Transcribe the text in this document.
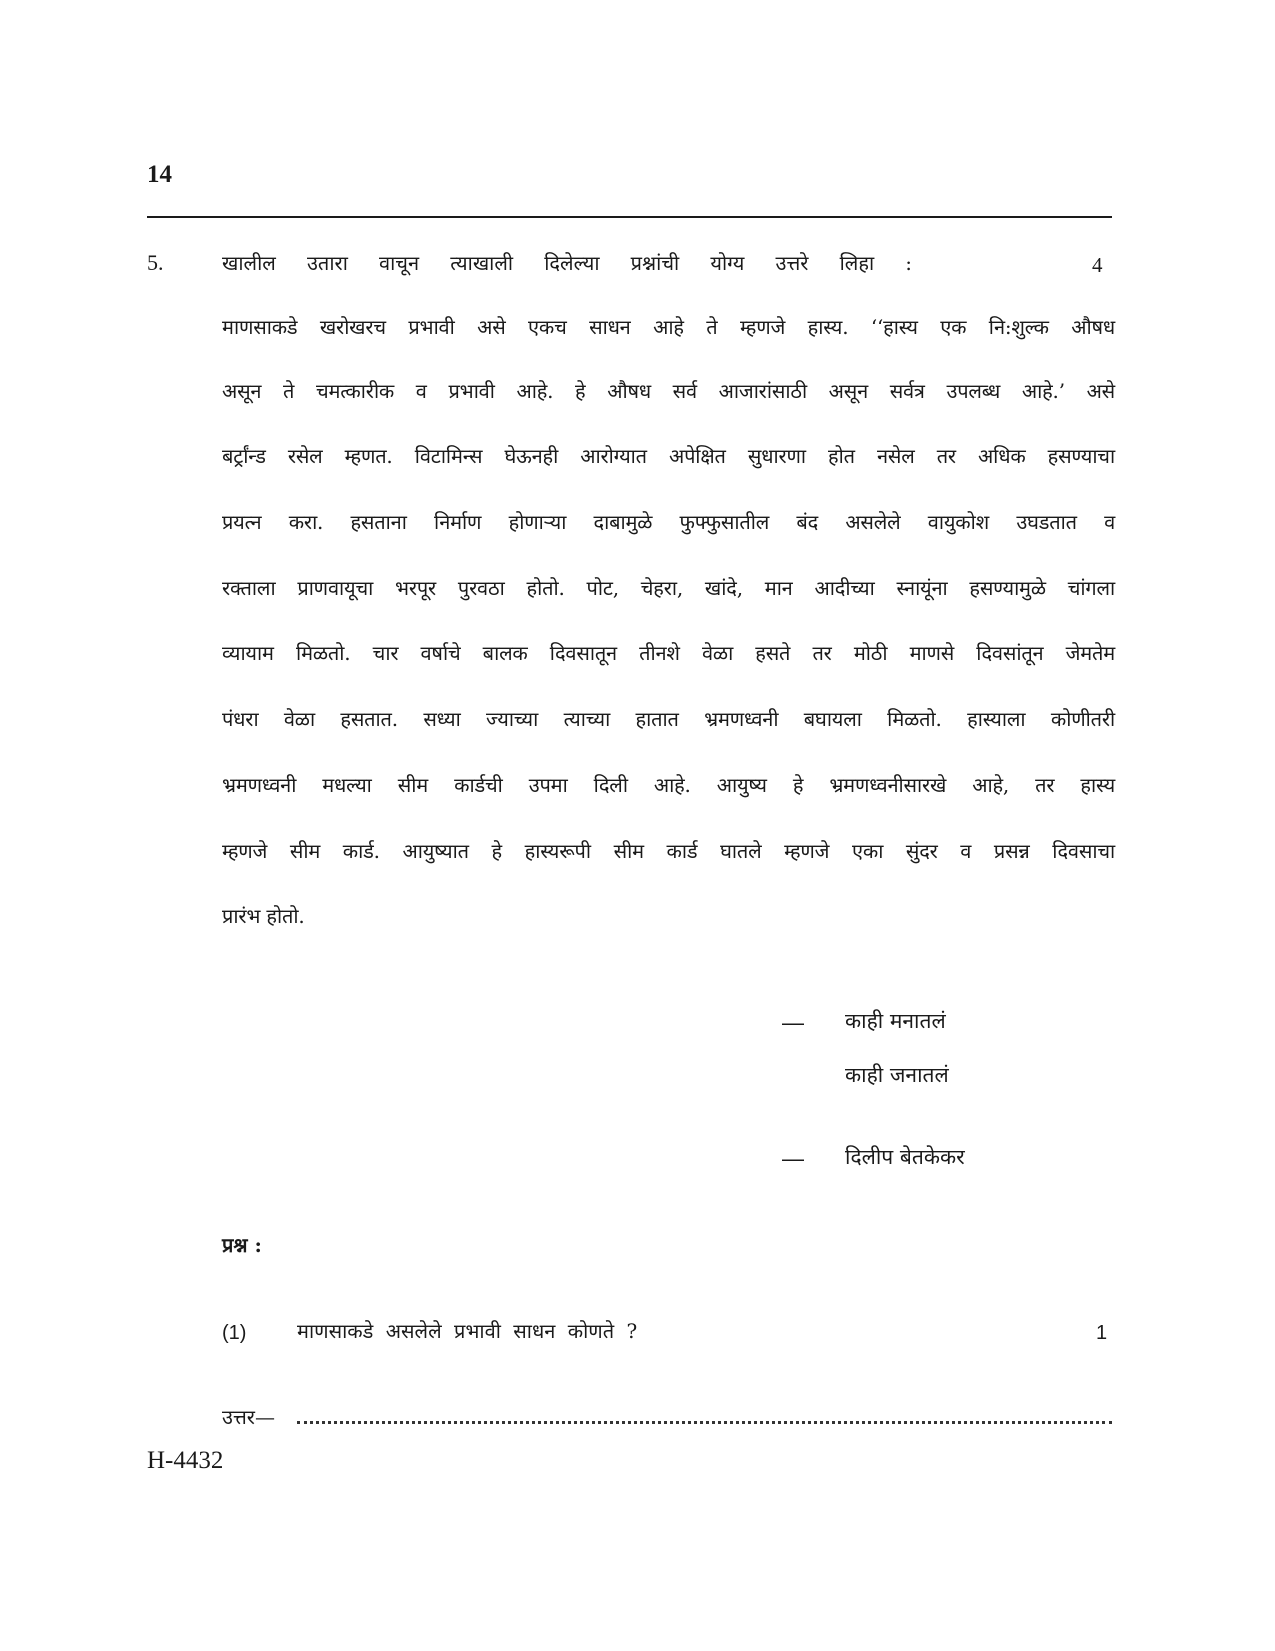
14
5.	खालील उतारा वाचून त्याखाली दिलेल्या प्रश्नांची योग्य उत्तरे लिहा :	4
माणसाकडे खरोखरच प्रभावी असे एकच साधन आहे ते म्हणजे हास्य. ‘‘हास्य एक नि:शुल्क औषध
असून ते चमत्कारीक व प्रभावी आहे. हे औषध सर्व आजारांसाठी असून सर्वत्र उपलब्ध आहे.’ असे
बर्ट्रांन्ड रसेल म्हणत. विटामिन्स घेऊनही आरोग्यात अपेक्षित सुधारणा होत नसेल तर अधिक हसण्याचा
प्रयत्न करा. हसताना निर्माण होणाऱ्या दाबामुळे फुफ्फुसातील बंद असलेले वायुकोश उघडतात व
रक्ताला प्राणवायूचा भरपूर पुरवठा होतो. पोट, चेहरा, खांदे, मान आदीच्या स्नायूंना हसण्यामुळे चांगला
व्यायाम मिळतो. चार वर्षाचे बालक दिवसातून तीनशे वेळा हसते तर मोठी माणसे दिवसांतून जेमतेम
पंधरा वेळा हसतात. सध्या ज्याच्या त्याच्या हातात भ्रमणध्वनी बघायला मिळतो. हास्याला कोणीतरी
भ्रमणध्वनी मधल्या सीम कार्डची उपमा दिली आहे. आयुष्य हे भ्रमणध्वनीसारखे आहे, तर हास्य
म्हणजे सीम कार्ड. आयुष्यात हे हास्यरूपी सीम कार्ड घातले म्हणजे एका सुंदर व प्रसन्न दिवसाचा
प्रारंभ होतो.
— काही मनातलं
काही जनातलं
— दिलीप बेतकेकर
प्रश्न :
(1)	माणसाकडे असलेले प्रभावी साधन कोणते ?	1
उत्तर—
H-4432
